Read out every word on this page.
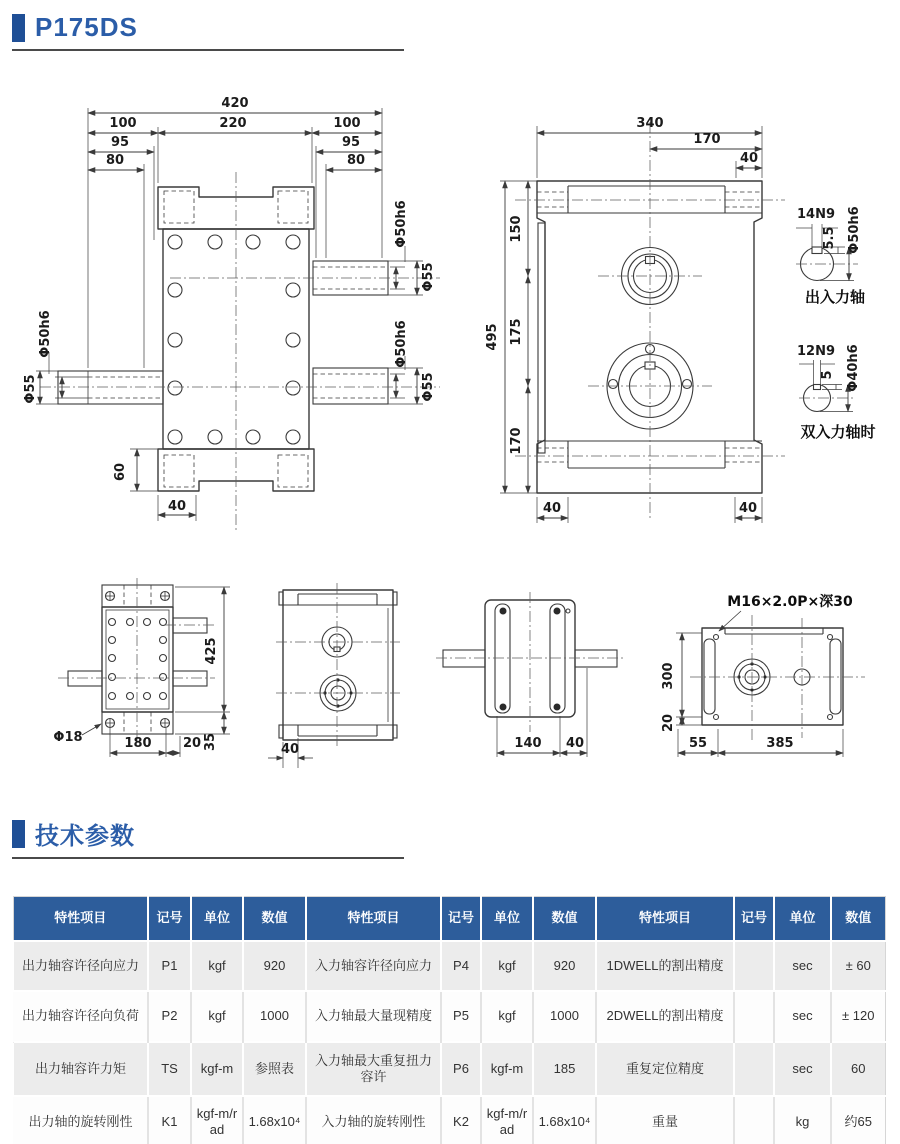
P175DS
420
100	220	100
95
80
95
80
Φ50h6
Φ55
Φ50h6
Φ55
Φ50h6
Φ55
60
40
340
170
40
495
150
175
170
40	40
14N9
5.5 Φ50h6
出入力轴
12N9
5 Φ40h6
双入力轴时
425
35
180 20
Φ18
40	140 40
M16×2.0P×深30
300
20
55	385
技术参数
特性项目	记号	单位	数值	特性项目	记号	单位	数值	特性项目	记号	单位	数值
出力轴容许径向应力	P1	kgf	920	入力轴容许径向应力	P4	kgf	920	1DWELL的割出精度		sec	± 60
出力轴容许径向负荷	P2	kgf	1000	入力轴最大量现精度	P5	kgf	1000	2DWELL的割出精度		sec	± 120
出力轴容许力矩	TS	kgf-m	参照表	入力轴最大重复扭力容许	P6	kgf-m	185	重复定位精度		sec	60
出力轴的旋转刚性	K1	kgf-m/rad	1.68x10⁴	入力轴的旋转刚性	K2	kgf-m/rad	1.68x10⁴	重量		kg	约65
